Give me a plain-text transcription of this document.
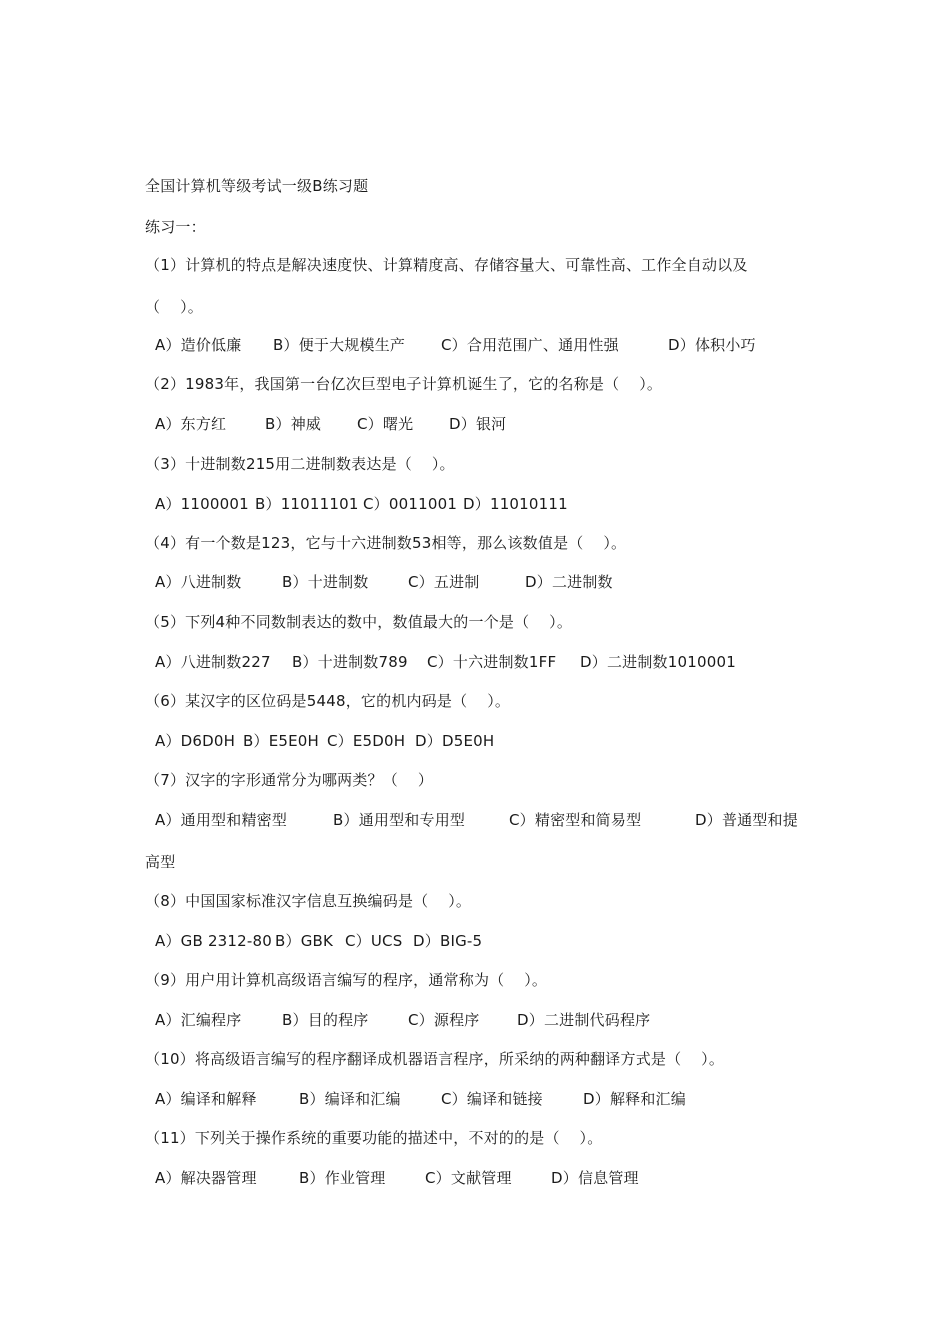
全国计算机等级考试一级B练习题

练习一：

（1）计算机的特点是解决速度快、计算精度高、存储容量大、可靠性高、工作全自动以及

（    ）。

A）造价低廉 B）便于大规模生产 C）合用范围广、通用性强	D）体积小巧

（2）1983年，我国第一台亿次巨型电子计算机诞生了，它的名称是（    ）。

A）东方红	B）神威 C）曙光 D）银河

（3）十进制数215用二进制数表达是（    ）。

A）1100001 B）11011101 C）0011001 D）11010111

（4）有一个数是123，它与十六进制数53相等，那么该数值是（    ）。

A）八进制数	B）十进制数	C）五进制	D）二进制数

（5）下列4种不同数制表达的数中，数值最大的一个是（    ）。

A）八进制数227 B）十进制数789 C）十六进制数1FF D）二进制数1010001

（6）某汉字的区位码是5448，它的机内码是（    ）。

A）D6D0H B）E5E0H C）E5D0H D）D5E0H

（7）汉字的字形通常分为哪两类？（    ）

A）通用型和精密型	B）通用型和专用型	C）精密型和简易型	D）普通型和提

高型

（8）中国国家标准汉字信息互换编码是（    ）。

A）GB 2312-80 B）GBK C）UCS D）BIG-5

（9）用户用计算机高级语言编写的程序，通常称为（    ）。

A）汇编程序	B）目的程序	C）源程序	D）二进制代码程序

（10）将高级语言编写的程序翻译成机器语言程序，所采纳的两种翻译方式是（    ）。

A）编译和解释	B）编译和汇编	C）编译和链接	D）解释和汇编

（11）下列关于操作系统的重要功能的描述中，不对的的是（    ）。

A）解决器管理	B）作业管理	C）文献管理	D）信息管理
